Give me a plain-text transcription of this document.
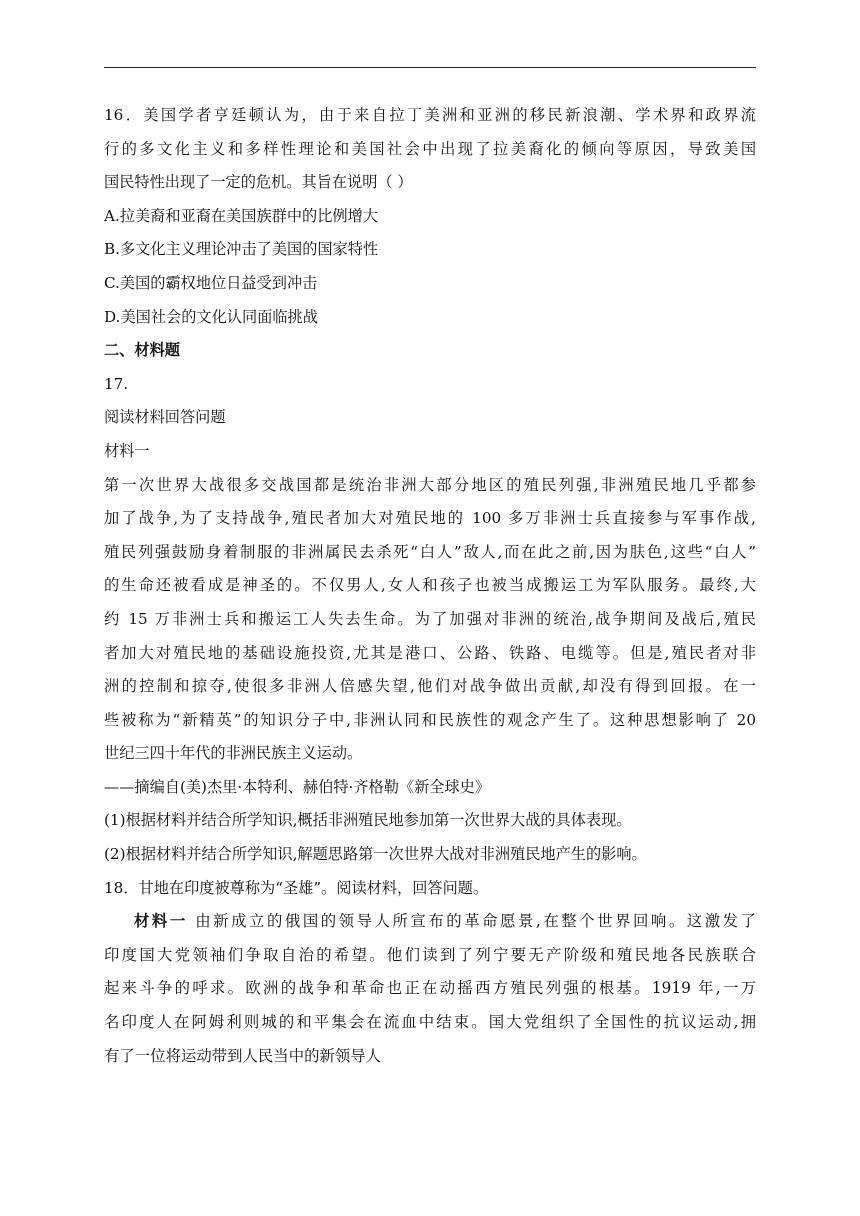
16．美国学者亨廷顿认为，由于来自拉丁美洲和亚洲的移民新浪潮、学术界和政界流
行的多文化主义和多样性理论和美国社会中出现了拉美裔化的倾向等原因，导致美国
国民特性出现了一定的危机。其旨在说明（ ）
A.拉美裔和亚裔在美国族群中的比例增大
B.多文化主义理论冲击了美国的国家特性
C.美国的霸权地位日益受到冲击
D.美国社会的文化认同面临挑战
二、材料题
17.
阅读材料回答问题
材料一
第一次世界大战很多交战国都是统治非洲大部分地区的殖民列强,非洲殖民地几乎都参
加了战争,为了支持战争,殖民者加大对殖民地的 100 多万非洲士兵直接参与军事作战,
殖民列强鼓励身着制服的非洲属民去杀死“白人”敌人,而在此之前,因为肤色,这些“白人”
的生命还被看成是神圣的。不仅男人,女人和孩子也被当成搬运工为军队服务。最终,大
约 15 万非洲士兵和搬运工人失去生命。为了加强对非洲的统治,战争期间及战后,殖民
者加大对殖民地的基础设施投资,尤其是港口、公路、铁路、电缆等。但是,殖民者对非
洲的控制和掠夺,使很多非洲人倍感失望,他们对战争做出贡献,却没有得到回报。在一
些被称为“新精英”的知识分子中,非洲认同和民族性的观念产生了。这种思想影响了 20
世纪三四十年代的非洲民族主义运动。
——摘编自(美)杰里·本特利、赫伯特·齐格勒《新全球史》
(1)根据材料并结合所学知识,概括非洲殖民地参加第一次世界大战的具体表现。
(2)根据材料并结合所学知识,解题思路第一次世界大战对非洲殖民地产生的影响。
18．甘地在印度被尊称为“圣雄”。阅读材料，回答问题。
材料一 由新成立的俄国的领导人所宣布的革命愿景,在整个世界回响。这激发了
印度国大党领袖们争取自治的希望。他们读到了列宁要无产阶级和殖民地各民族联合
起来斗争的呼求。欧洲的战争和革命也正在动摇西方殖民列强的根基。1919 年,一万
名印度人在阿姆利则城的和平集会在流血中结束。国大党组织了全国性的抗议运动,拥
有了一位将运动带到人民当中的新领导人
